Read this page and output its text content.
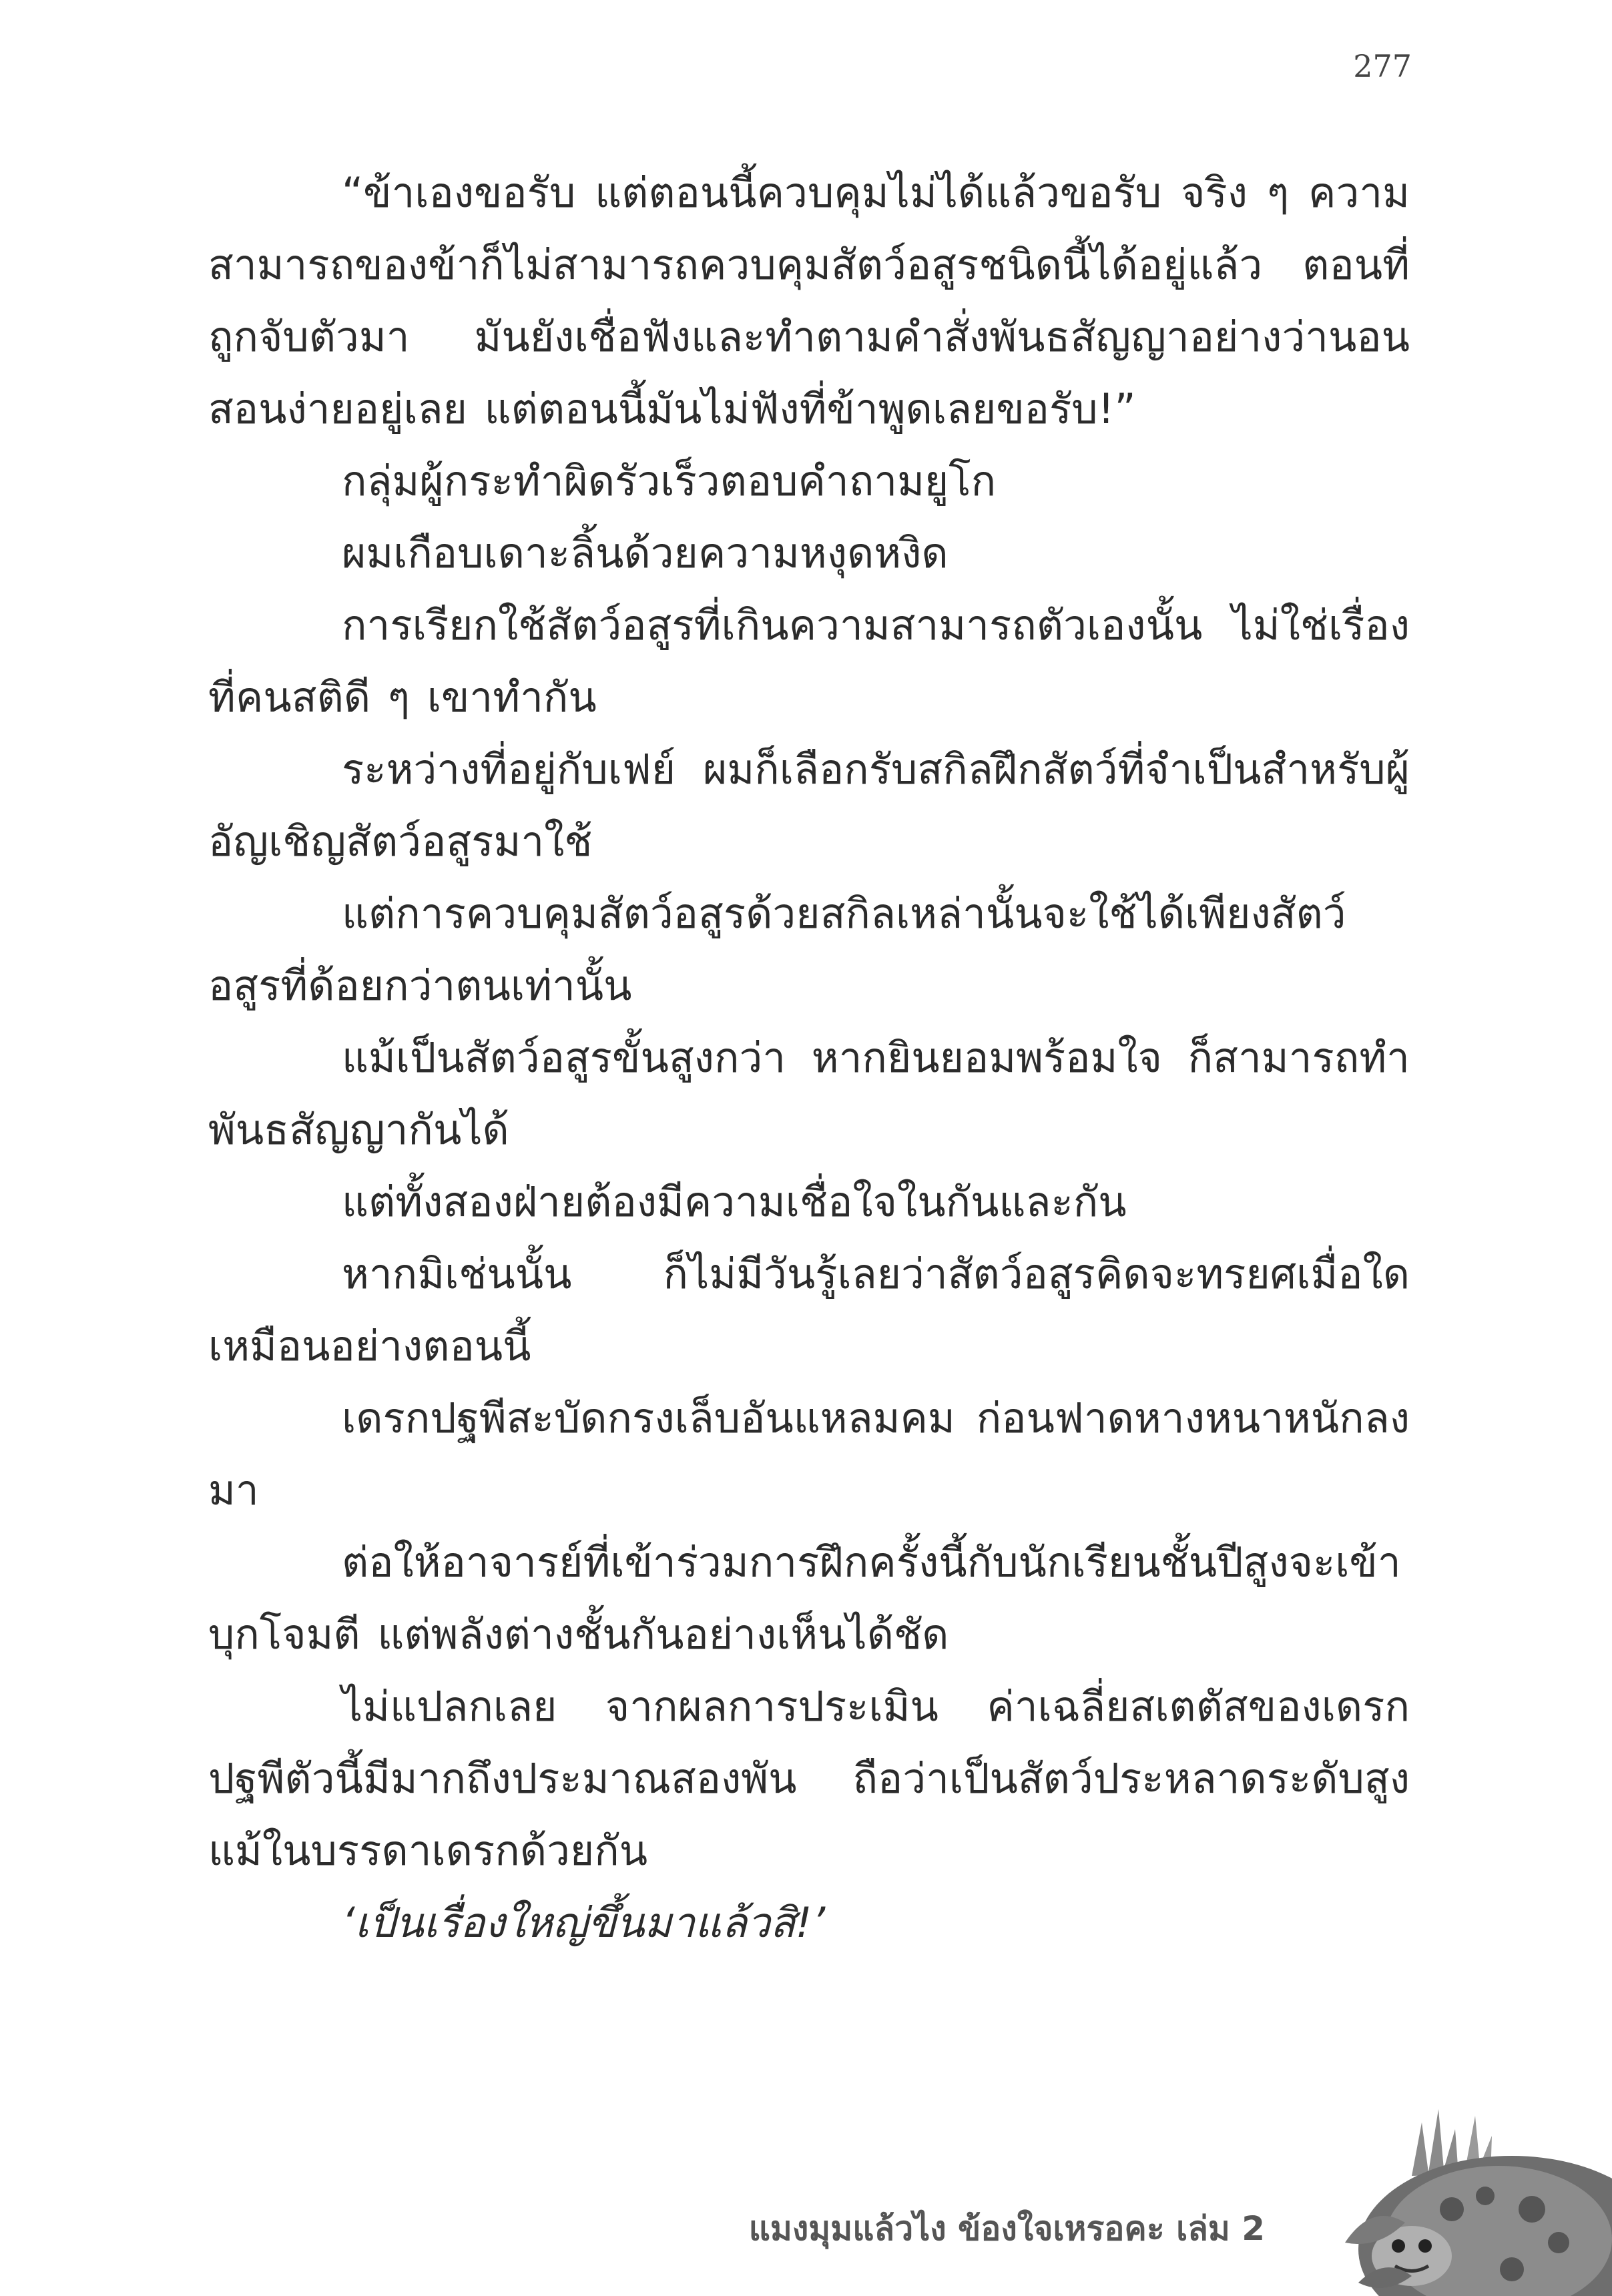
277

“ข้าเองขอรับ แต่ตอนนี้ควบคุมไม่ได้แล้วขอรับ จริง ๆ ความสามารถของข้าก็ไม่สามารถควบคุมสัตว์อสูรชนิดนี้ได้อยู่แล้ว ตอนที่ถูกจับตัวมา มันยังเชื่อฟังและทำตามคำสั่งพันธสัญญาอย่างว่านอนสอนง่ายอยู่เลย แต่ตอนนี้มันไม่ฟังที่ข้าพูดเลยขอรับ!”

กลุ่มผู้กระทำผิดรัวเร็วตอบคำถามยูโก

ผมเกือบเดาะลิ้นด้วยความหงุดหงิด

การเรียกใช้สัตว์อสูรที่เกินความสามารถตัวเองนั้น ไม่ใช่เรื่องที่คนสติดี ๆ เขาทำกัน

ระหว่างที่อยู่กับเฟย์ ผมก็เลือกรับสกิลฝึกสัตว์ที่จำเป็นสำหรับผู้อัญเชิญสัตว์อสูรมาใช้

แต่การควบคุมสัตว์อสูรด้วยสกิลเหล่านั้นจะใช้ได้เพียงสัตว์อสูรที่ด้อยกว่าตนเท่านั้น

แม้เป็นสัตว์อสูรขั้นสูงกว่า หากยินยอมพร้อมใจ ก็สามารถทำพันธสัญญากันได้

แต่ทั้งสองฝ่ายต้องมีความเชื่อใจในกันและกัน

หากมิเช่นนั้น ก็ไม่มีวันรู้เลยว่าสัตว์อสูรคิดจะทรยศเมื่อใดเหมือนอย่างตอนนี้

เดรกปฐพีสะบัดกรงเล็บอันแหลมคม ก่อนฟาดหางหนาหนักลงมา

ต่อให้อาจารย์ที่เข้าร่วมการฝึกครั้งนี้กับนักเรียนชั้นปีสูงจะเข้าบุกโจมตี แต่พลังต่างชั้นกันอย่างเห็นได้ชัด

ไม่แปลกเลย จากผลการประเมิน ค่าเฉลี่ยสเตตัสของเดรกปฐพีตัวนี้มีมากถึงประมาณสองพัน ถือว่าเป็นสัตว์ประหลาดระดับสูงแม้ในบรรดาเดรกด้วยกัน

‘เป็นเรื่องใหญ่ขึ้นมาแล้วสิ!’

แมงมุมแล้วไง ข้องใจเหรอคะ เล่ม 2
